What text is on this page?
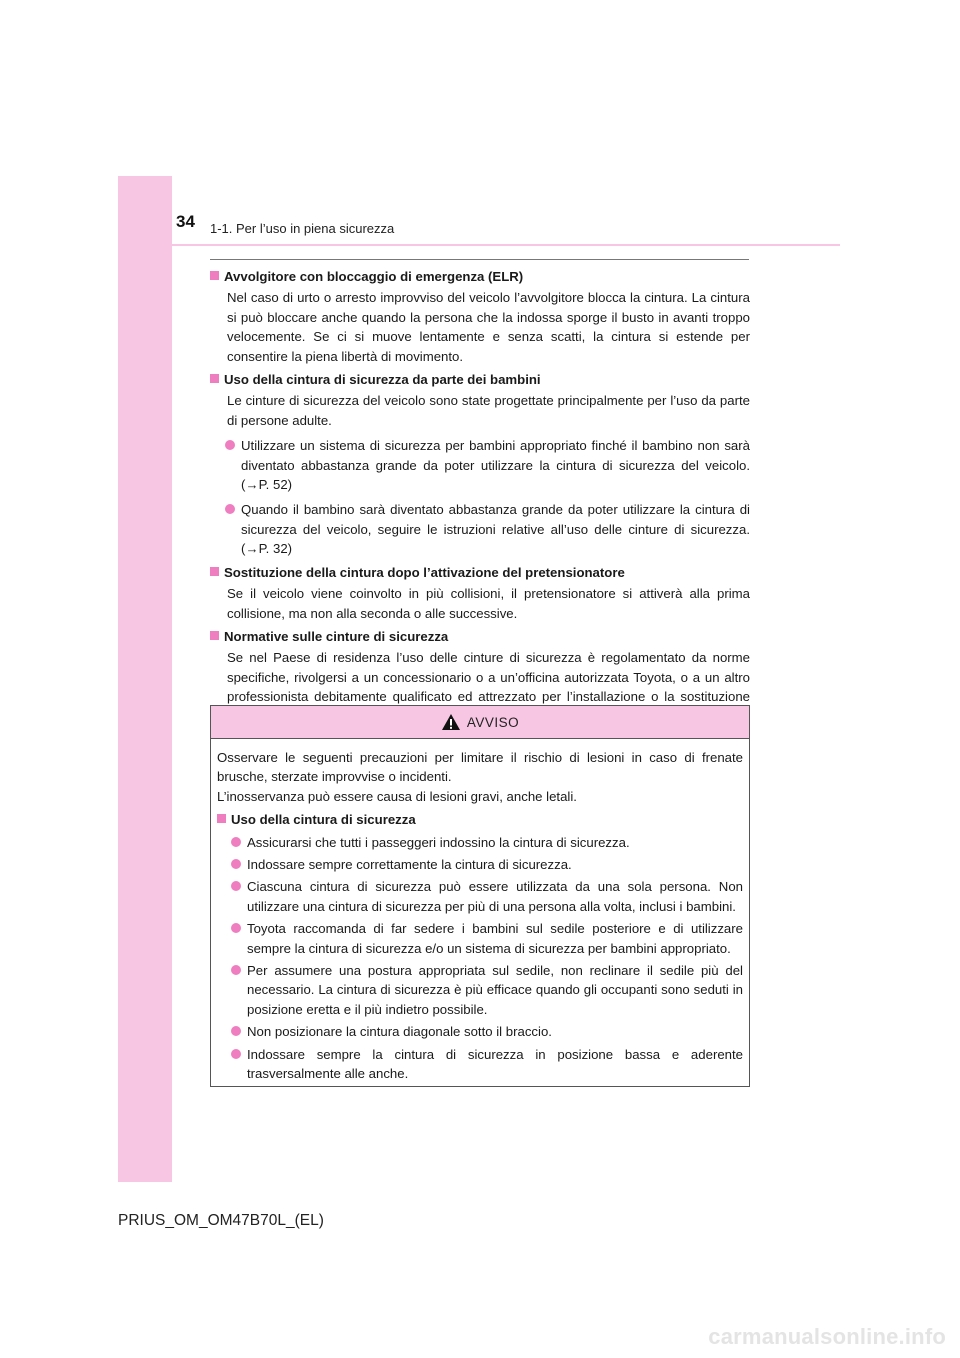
34 1-1. Per l’uso in piena sicurezza
Avvolgitore con bloccaggio di emergenza (ELR)
Nel caso di urto o arresto improvviso del veicolo l’avvolgitore blocca la cintura. La cintura si può bloccare anche quando la persona che la indossa sporge il busto in avanti troppo velocemente. Se ci si muove lentamente e senza scatti, la cintura si estende per consentire la piena libertà di movimento.
Uso della cintura di sicurezza da parte dei bambini
Le cinture di sicurezza del veicolo sono state progettate principalmente per l’uso da parte di persone adulte.
Utilizzare un sistema di sicurezza per bambini appropriato finché il bambino non sarà diventato abbastanza grande da poter utilizzare la cintura di sicurezza del veicolo. (→P. 52)
Quando il bambino sarà diventato abbastanza grande da poter utilizzare la cintura di sicurezza del veicolo, seguire le istruzioni relative all’uso delle cinture di sicurezza. (→P. 32)
Sostituzione della cintura dopo l’attivazione del pretensionatore
Se il veicolo viene coinvolto in più collisioni, il pretensionatore si attiverà alla prima collisione, ma non alla seconda o alle successive.
Normative sulle cinture di sicurezza
Se nel Paese di residenza l’uso delle cinture di sicurezza è regolamentato da norme specifiche, rivolgersi a un concessionario o a un’officina autorizzata Toyota, o a un altro professionista debitamente qualificato ed attrezzato per l’installazione o la sostituzione
AVVISO
Osservare le seguenti precauzioni per limitare il rischio di lesioni in caso di frenate brusche, sterzate improvvise o incidenti.
L’inosservanza può essere causa di lesioni gravi, anche letali.
Uso della cintura di sicurezza
Assicurarsi che tutti i passeggeri indossino la cintura di sicurezza.
Indossare sempre correttamente la cintura di sicurezza.
Ciascuna cintura di sicurezza può essere utilizzata da una sola persona. Non utilizzare una cintura di sicurezza per più di una persona alla volta, inclusi i bambini.
Toyota raccomanda di far sedere i bambini sul sedile posteriore e di utilizzare sempre la cintura di sicurezza e/o un sistema di sicurezza per bambini appropriato.
Per assumere una postura appropriata sul sedile, non reclinare il sedile più del necessario. La cintura di sicurezza è più efficace quando gli occupanti sono seduti in posizione eretta e il più indietro possibile.
Non posizionare la cintura diagonale sotto il braccio.
Indossare sempre la cintura di sicurezza in posizione bassa e aderente trasversalmente alle anche.
PRIUS_OM_OM47B70L_(EL)
carmanualsonline.info
